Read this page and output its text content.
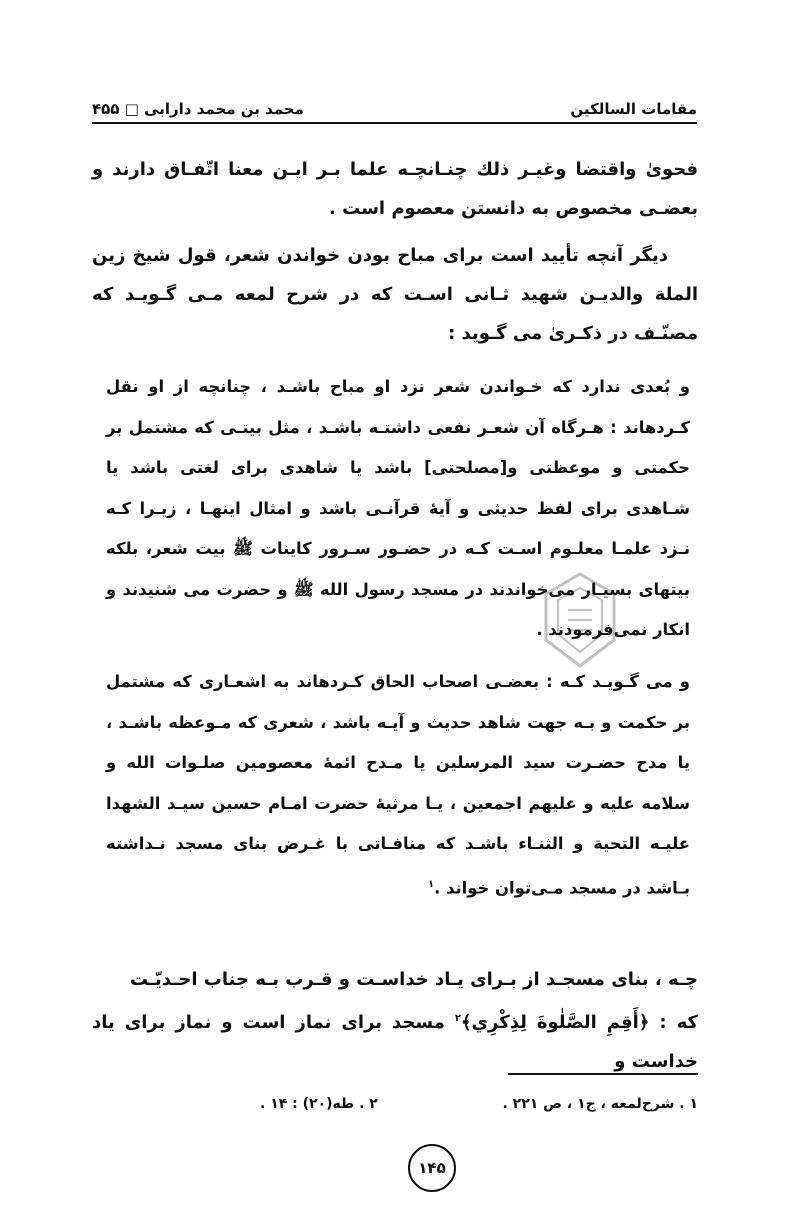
مقامات السالکین
محمد بن محمد دارابی □ ۴۵۵

فحویٰ واقتضا وغیـر ذلك چنـانچـه علما بـر ایـن معنا اتّفـاق دارند و بعضـی مخصوص به دانستن معصوم است .

دیگر آنچه تأیید است برای مباح بودن خواندن شعر، قول شیخ زین الملة والدیـن شهید ثـانی اسـت که در شرح لمعه مـی گـویـد که مصنّـف در ذکـریٰ می گـوید :

و بُعدی ندارد که خـواندن شعر نزد او مباح باشـد ، چنانچه از او نقل کـردهاند : هـرگاه آن شعـر نفعی داشتـه باشـد ، مثل بیتـی که مشتمل بر حکمتی و موعظتی و[مصلحتی] باشد یا شاهدی برای لغتی باشد یا شـاهدی برای لفظ حدیثی و آیهٔ قرآنـی باشد و امثال اینهـا ، زیـرا کـه نـزد علمـا معلـوم اسـت کـه در حضـور سـرور کاینات ﷺ بیت شعر، بلکه بیتهای بسیـار می‌خواندند در مسجد رسول الله ﷺ و حضرت می شنیدند و انکار نمی‌فرمودند .

و می گـویـد کـه : بعضـی اصحاب الحاق کـردهاند به اشعـاری که مشتمل بر حکمت و بـه جهت شاهد حدیث و آیـه باشد ، شعری که مـوعظه باشـد ، یا مدح حضـرت سید المرسلین یا مـدح ائمهٔ معصومین صلـوات الله و سلامه علیه و علیهم اجمعین ، یـا مرثیهٔ حضرت امـام حسین سیـد الشهدا علیـه التحیة و الثنـاء باشـد که منافـاتی با غـرض بنای مسجد نـداشته بـاشد در مسجد مـی‌توان خواند .$^۱$

چـه ، بنای مسجـد از بـرای یـاد خداسـت و قـرب بـه جناب احـدیّـت
که : ﴿أَقِمِ الصَّلٰوةَ لِذِكْرِي﴾$^۲$ مسجد برای نماز است و نماز برای یاد خداست و
۱ . شرح‌لمعه ، ج۱ ، ص ۲۲۱ .
۲ . طه(۲۰) : ۱۴ .
۱۴۵
